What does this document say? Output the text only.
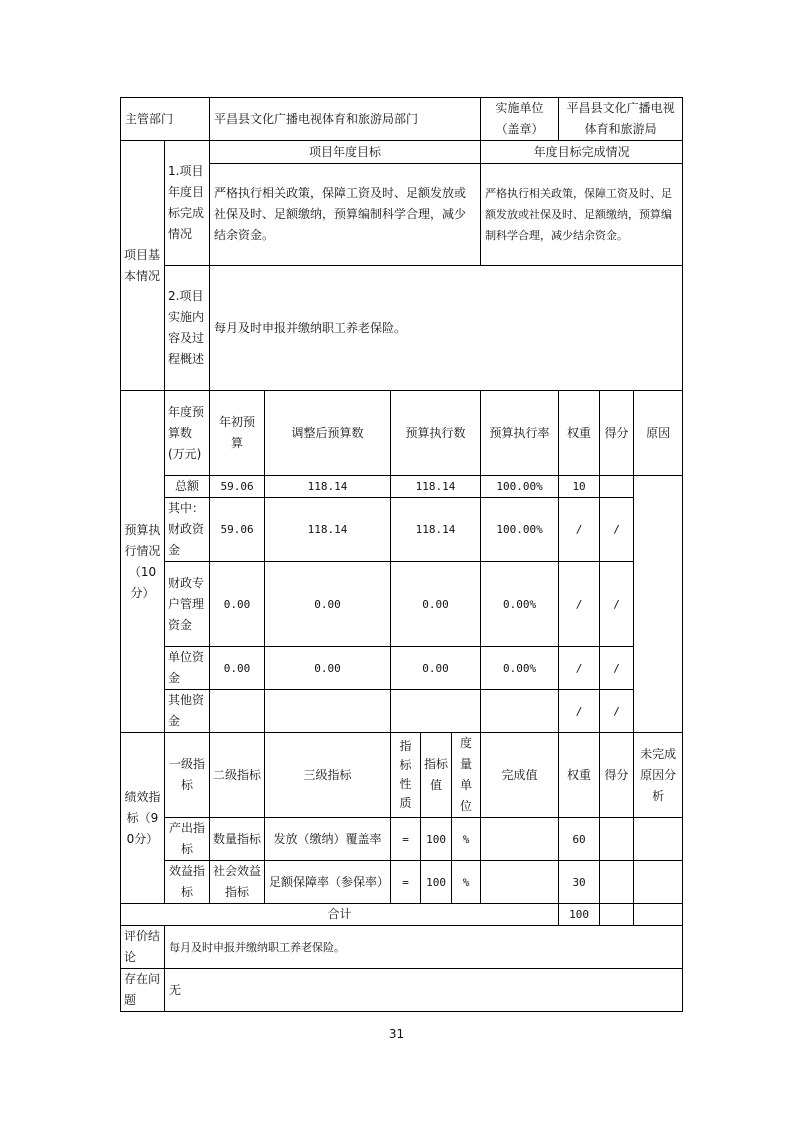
主管部门		平昌县文化广播电视体育和旅游局部门					实施单位（盖章）	平昌县文化广播电视体育和旅游局		
项目基本情况	1.项目年度目标完成情况	项目年度目标					年度目标完成情况			
		严格执行相关政策，保障工资及时、足额发放或社保及时、足额缴纳，预算编制科学合理，减少结余资金。					严格执行相关政策，保障工资及时、足额发放或社保及时、足额缴纳，预算编制科学合理，减少结余资金。			
	2.项目实施内容及过程概述	每月及时申报并缴纳职工养老保险。								
预算执行情况（10分）	年度预算数(万元)	年初预算	调整后预算数	预算执行数			预算执行率	权重	得分	原因
	总额	59.06	118.14	118.14			100.00%	10		
	其中：财政资金	59.06	118.14	118.14			100.00%	/	/	
	财政专户管理资金	0.00	0.00	0.00			0.00%	/	/	
	单位资金	0.00	0.00	0.00			0.00%	/	/	
	其他资金							/	/	
绩效指标（90分）	一级指标	二级指标	三级指标	指标性质	指标值	度量单位	完成值	权重	得分	未完成原因分析
	产出指标	数量指标	发放（缴纳）覆盖率	=	100	%		60		
	效益指标	社会效益指标	足额保障率（参保率）	=	100	%		30		
合计								100		
评价结论	每月及时申报并缴纳职工养老保险。									
存在问题	无									
31
